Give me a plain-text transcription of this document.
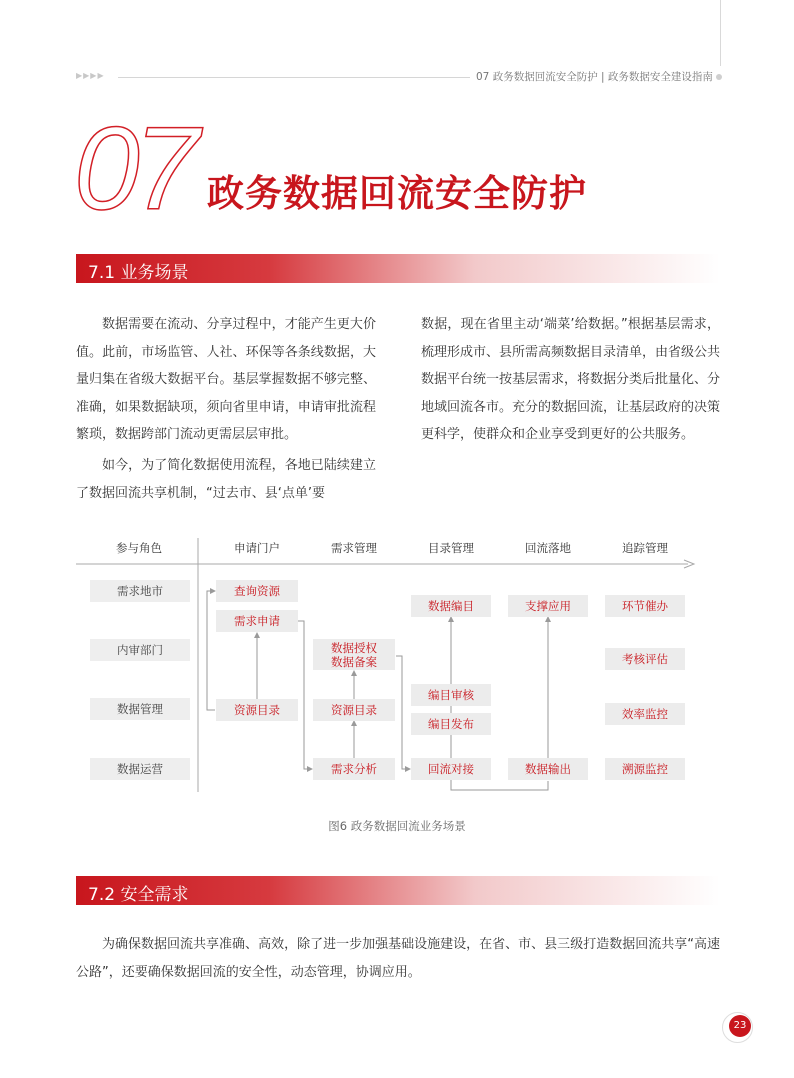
▶▶▶▶	07 政务数据回流安全防护 | 政务数据安全建设指南
07 政务数据回流安全防护
7.1 业务场景

数据需要在流动、分享过程中，才能产生更大价值。此前，市场监管、人社、环保等各条线数据，大量归集在省级大数据平台。基层掌握数据不够完整、准确，如果数据缺项，须向省里申请，申请审批流程繁琐，数据跨部门流动更需层层审批。

如今，为了简化数据使用流程，各地已陆续建立了数据回流共享机制，“过去市、县‘点单’要

数据，现在省里主动‘端菜’给数据。”根据基层需求，梳理形成市、县所需高频数据目录清单，由省级公共数据平台统一按基层需求，将数据分类后批量化、分地域回流各市。充分的数据回流，让基层政府的决策更科学，使群众和企业享受到更好的公共服务。

参与角色	申请门户	需求管理	目录管理	回流落地	追踪管理
需求地市
内审部门
数据管理
数据运营
查询资源
需求申请
资源目录
数据授权
数据备案
资源目录
需求分析
数据编目
编目审核
编目发布
回流对接
支撑应用
数据输出
环节催办
考核评估
效率监控
溯源监控
图6 政务数据回流业务场景
7.2 安全需求

为确保数据回流共享准确、高效，除了进一步加强基础设施建设，在省、市、县三级打造数据回流共享“高速公路”，还要确保数据回流的安全性，动态管理，协调应用。

23
